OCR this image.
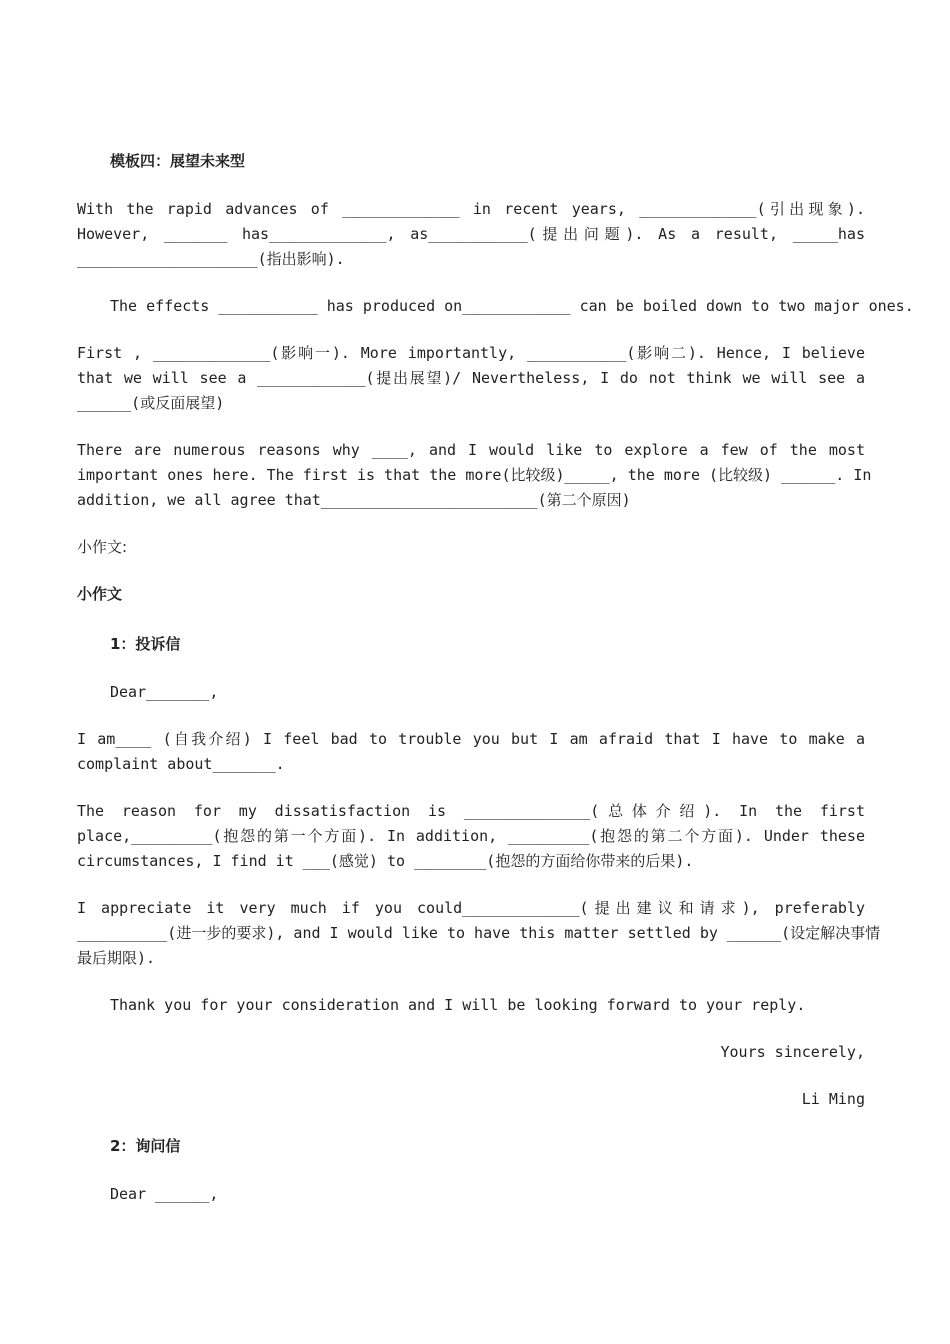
模板四：展望未来型
With the rapid advances of _____________ in recent years, _____________(引出现象).
However, _______ has_____________, as___________(提出问题). As a result, _____has
____________________(指出影响).
The effects ___________ has produced on____________ can be boiled down to two major ones.
First , _____________(影响一). More importantly, ___________(影响二). Hence, I believe
that we will see a ____________(提出展望)/ Nevertheless, I do not think we will see a
______(或反面展望)
There are numerous reasons why ____, and I would like to explore a few of the most
important ones here. The first is that the more(比较级)_____, the more (比较级) ______. In
addition, we all agree that________________________(第二个原因)
小作文:
小作文
1：投诉信
Dear_______,
I am____ (自我介绍) I feel bad to trouble you but I am afraid that I have to make a
complaint about_______.
The reason for my dissatisfaction is ______________(总体介绍). In the first
place,_________(抱怨的第一个方面). In addition, _________(抱怨的第二个方面). Under these
circumstances, I find it ___(感觉) to ________(抱怨的方面给你带来的后果).
I appreciate it very much if you could_____________(提出建议和请求), preferably
__________(进一步的要求), and I would like to have this matter settled by ______(设定解决事情
最后期限).
Thank you for your consideration and I will be looking forward to your reply.
Yours sincerely,
Li Ming
2：询问信
Dear ______,
